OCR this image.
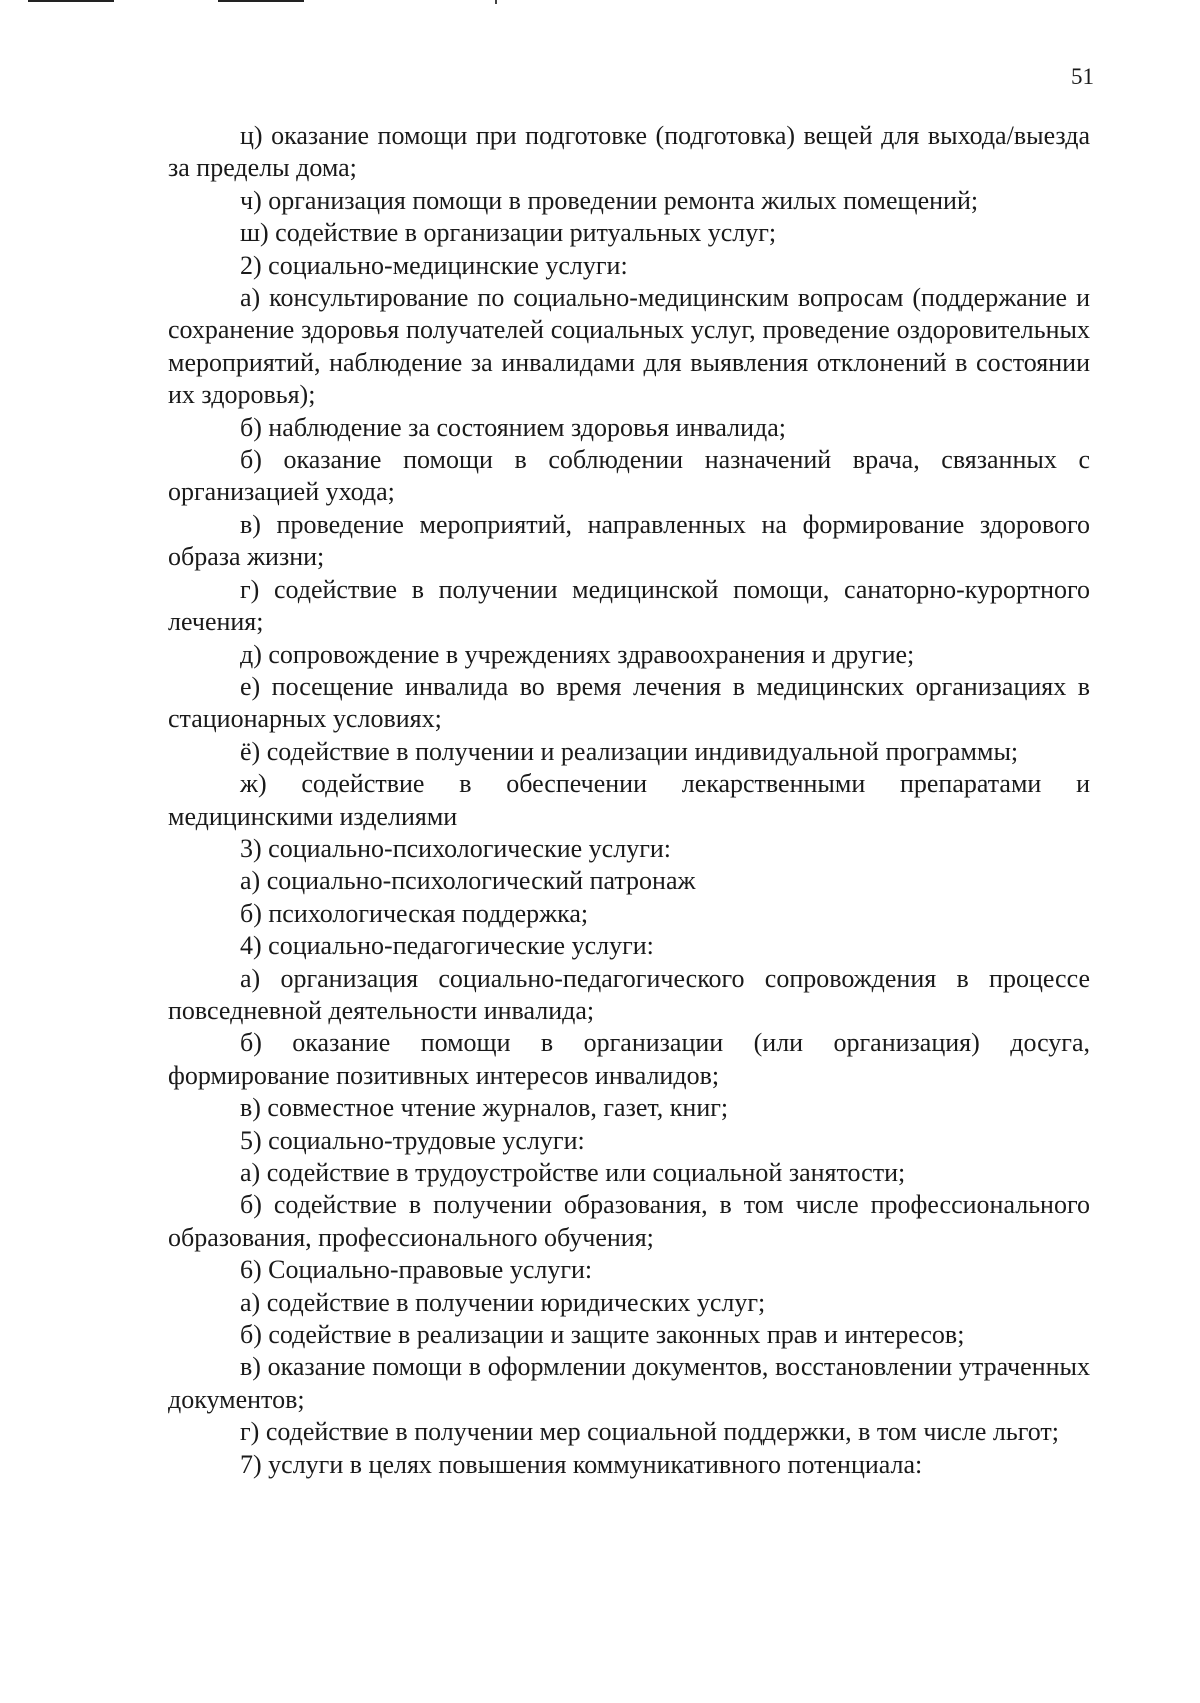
51

ц) оказание помощи при подготовке (подготовка) вещей для выхода/выезда за пределы дома;

ч) организация помощи в проведении ремонта жилых помещений;

ш) содействие в организации ритуальных услуг;

2) социально-медицинские услуги:

а) консультирование по социально-медицинским вопросам (поддержание и сохранение здоровья получателей социальных услуг, проведение оздоровительных мероприятий, наблюдение за инвалидами для выявления отклонений в состоянии их здоровья);

б) наблюдение за состоянием здоровья инвалида;

б) оказание помощи в соблюдении назначений врача, связанных с организацией ухода;

в) проведение мероприятий, направленных на формирование здорового образа жизни;

г) содействие в получении медицинской помощи, санаторно-курортного лечения;

д) сопровождение в учреждениях здравоохранения и другие;

е) посещение инвалида во время лечения в медицинских организациях в стационарных условиях;

ё) содействие в получении и реализации индивидуальной программы;

ж) содействие в обеспечении лекарственными препаратами и медицинскими изделиями

3) социально-психологические услуги:

а) социально-психологический патронаж

б) психологическая поддержка;

4) социально-педагогические услуги:

а) организация социально-педагогического сопровождения в процессе повседневной деятельности инвалида;

б) оказание помощи в организации (или организация) досуга, формирование позитивных интересов инвалидов;

в) совместное чтение журналов, газет, книг;

5) социально-трудовые услуги:

а) содействие в трудоустройстве или социальной занятости;

б) содействие в получении образования, в том числе профессионального образования, профессионального обучения;

6) Социально-правовые услуги:

а) содействие в получении юридических услуг;

б) содействие в реализации и защите законных прав и интересов;

в) оказание помощи в оформлении документов, восстановлении утраченных документов;

г) содействие в получении мер социальной поддержки, в том числе льгот;

7) услуги в целях повышения коммуникативного потенциала:
